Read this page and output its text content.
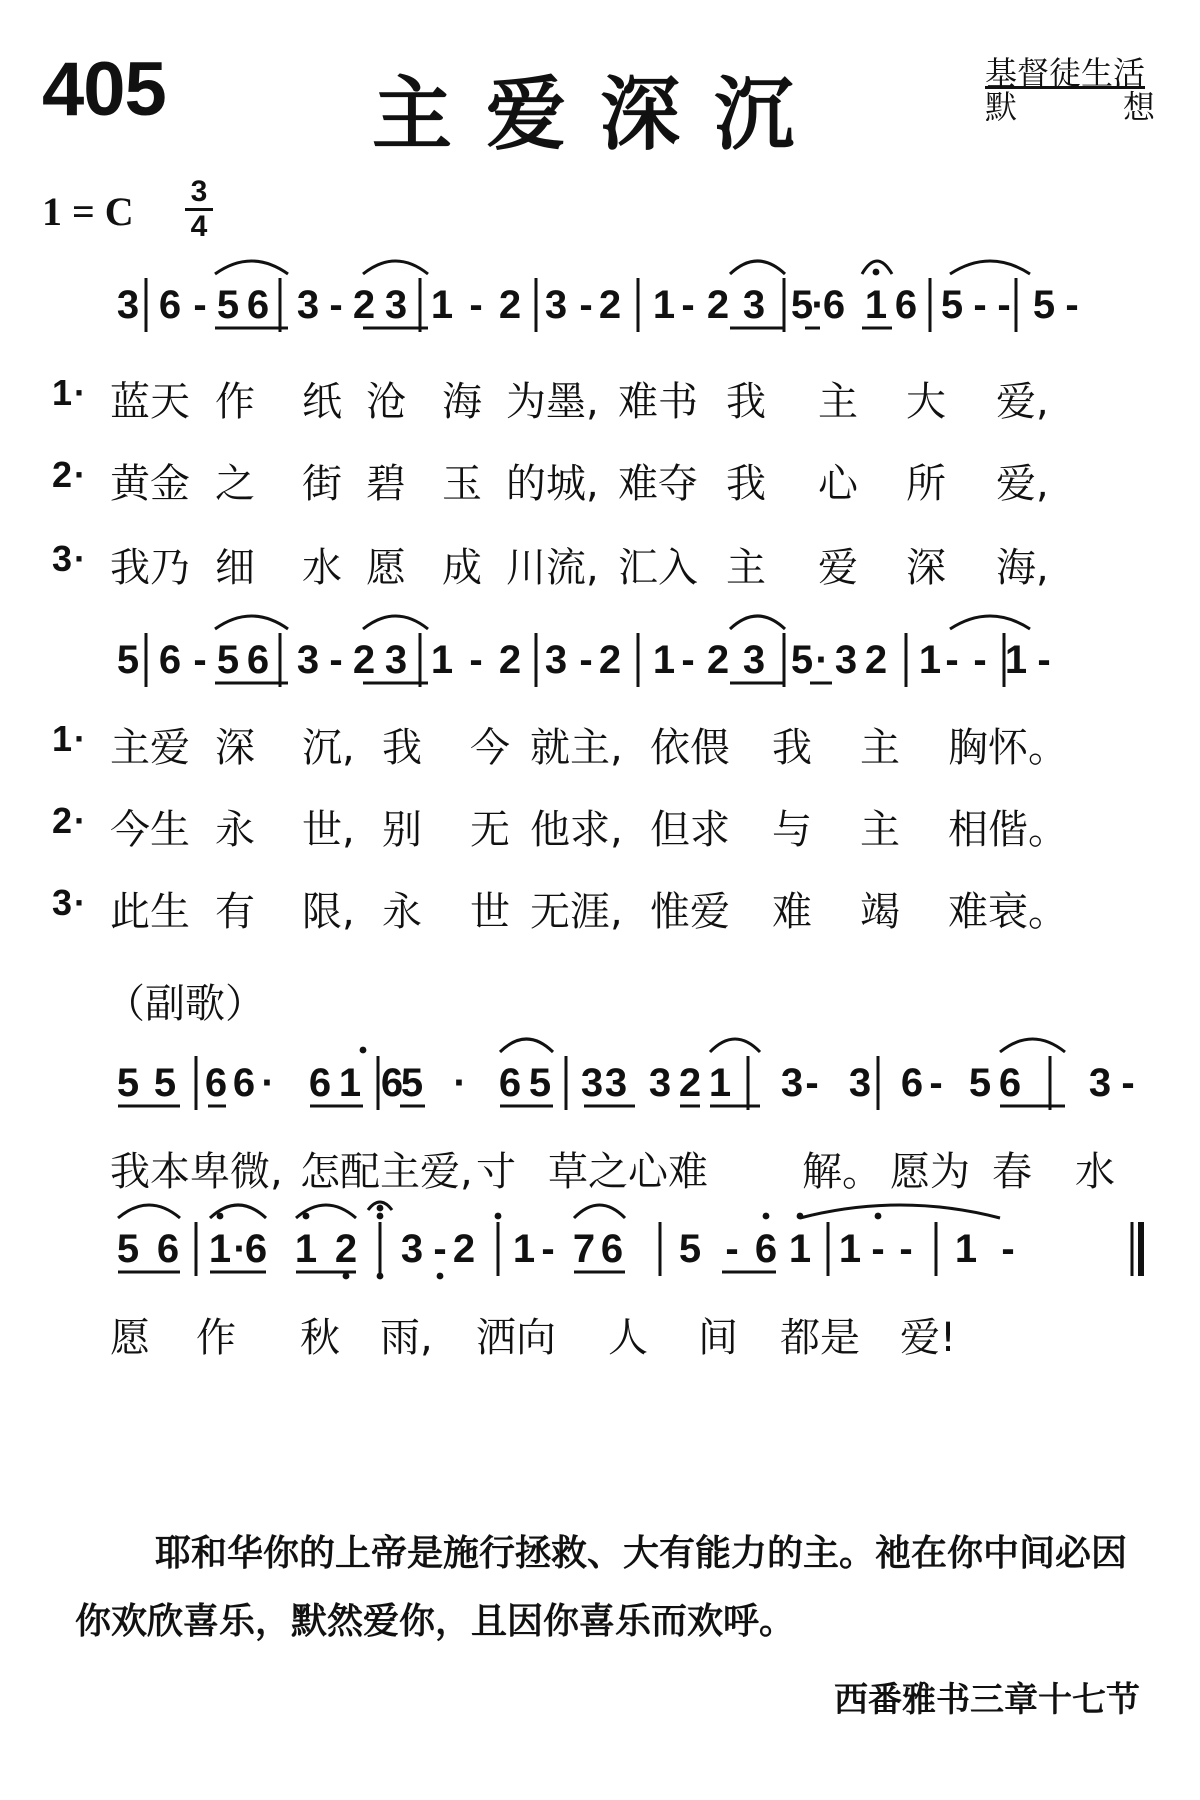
405	主爱深沉	基督徒生活
默	想
1 = C 3
4
3 6 - 5 6 3 - 2 3 1 - 2 3 - 2 1 - 2 3 5
·
6 1 6 5 - - 5 -
5 6 - 5 6 3 - 2 3 1 - 2 3 - 2 1 - 2 3 5 · 3 2 1 - - 1 -
5 5 6 6 · 6 1 6
5 · 6 5 3 3 3 2 1 3 - 3 6 - 5 6 3 -
5 6 1 ·
6 1 2 3 - 2 1 - 7 6 5 - 6 1 1 - - 1 -
1 · 蓝天 作 纸 沧 海 为墨, 难书 我 主 大 爱,
2 · 黄金 之 街 碧 玉 的城, 难夺 我 心 所 爱,
3 · 我乃 细 水 愿 成 川流, 汇入 主 爱 深 海,
1 · 主爱 深 沉, 我 今 就主, 依偎 我 主 胸怀。
2 · 今生 永 世, 别 无 他求, 但求 与 主 相偕。
3 · 此生 有 限, 永 世 无涯, 惟爱 难 竭 难衰。
我本卑微, 怎配主爱, 寸 草之心难 解。 愿为 春 水
愿 作 秋 雨, 洒向 人 间 都是 爱!
（副歌）
耶和华你的上帝是施行拯救、大有能力的主。祂在你中间必因你欢欣喜乐，默然爱你，且因你喜乐而欢呼。
西番雅书三章十七节
